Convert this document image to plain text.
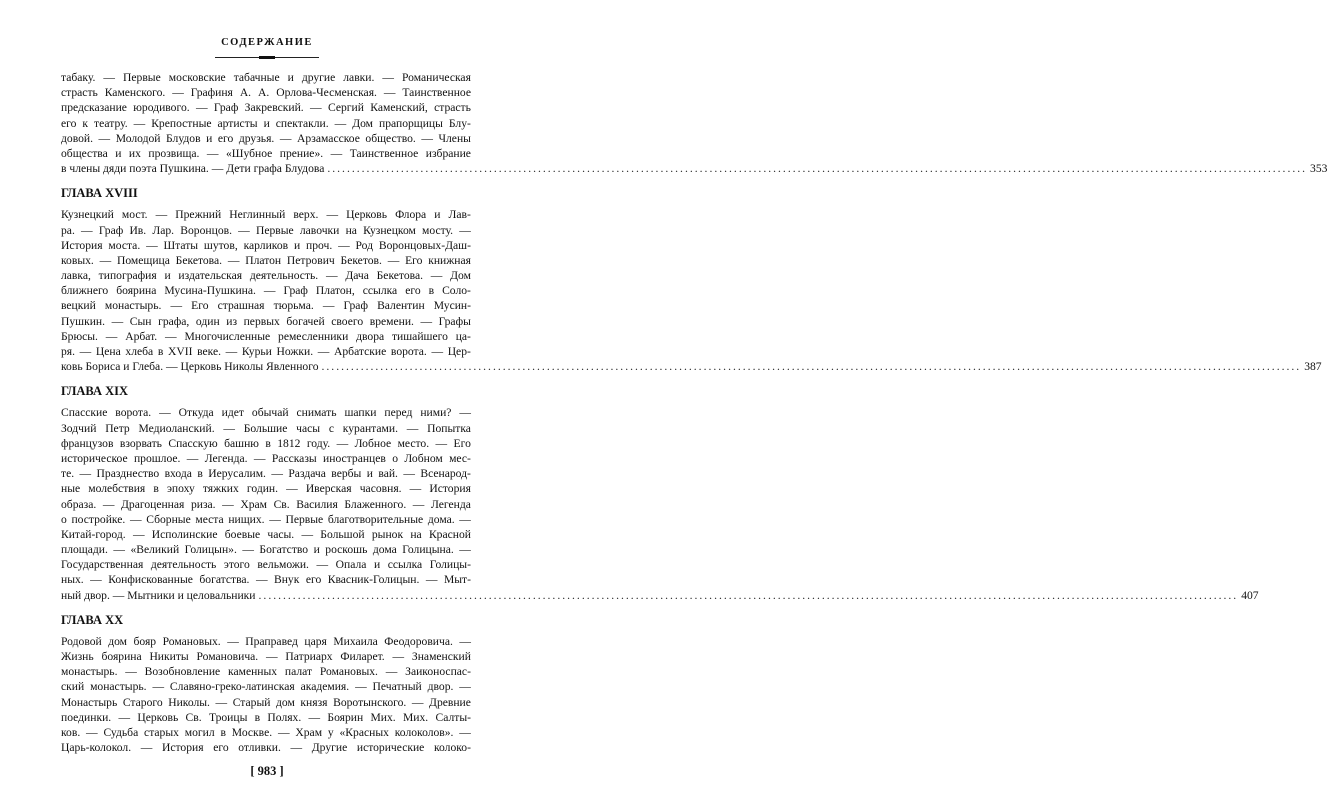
СОДЕРЖАНИЕ
табаку. — Первые московские табачные и другие лавки. — Романическая
страсть Каменского. — Графиня А. А. Орлова-Чесменская. — Таинственное
предсказание юродивого. — Граф Закревский. — Сергий Каменский, страсть
его к театру. — Крепостные артисты и спектакли. — Дом прапорщицы Блу-
довой. — Молодой Блудов и его друзья. — Арзамасское общество. — Члены
общества и их прозвища. — «Шубное прение». — Таинственное избрание
в члены дяди поэта Пушкина. — Дети графа Блудова ........................................................................................................................................................................................................ 353
ГЛАВА XVIII
Кузнецкий мост. — Прежний Неглинный верх. — Церковь Флора и Лав-
ра. — Граф Ив. Лар. Воронцов. — Первые лавочки на Кузнецком мосту. —
История моста. — Штаты шутов, карликов и проч. — Род Воронцовых-Даш-
ковых. — Помещица Бекетова. — Платон Петрович Бекетов. — Его книжная
лавка, типография и издательская деятельность. — Дача Бекетова. — Дом
ближнего боярина Мусина-Пушкина. — Граф Платон, ссылка его в Соло-
вецкий монастырь. — Его страшная тюрьма. — Граф Валентин Мусин-
Пушкин. — Сын графа, один из первых богачей своего времени. — Графы
Брюсы. — Арбат. — Многочисленные ремесленники двора тишайшего ца-
ря. — Цена хлеба в XVII веке. — Курьи Ножки. — Арбатские ворота. — Цер-
ковь Бориса и Глеба. — Церковь Николы Явленного ........................................................................................................................................................................................................ 387
ГЛАВА XIX
Спасские ворота. — Откуда идет обычай снимать шапки перед ними? —
Зодчий Петр Медиоланский. — Большие часы с курантами. — Попытка
французов взорвать Спасскую башню в 1812 году. — Лобное место. — Его
историческое прошлое. — Легенда. — Рассказы иностранцев о Лобном мес-
те. — Празднество входа в Иерусалим. — Раздача вербы и вай. — Всенарод-
ные молебствия в эпоху тяжких годин. — Иверская часовня. — История
образа. — Драгоценная риза. — Храм Св. Василия Блаженного. — Легенда
о постройке. — Сборные места нищих. — Первые благотворительные дома. —
Китай-город. — Исполинские боевые часы. — Большой рынок на Красной
площади. — «Великий Голицын». — Богатство и роскошь дома Голицына. —
Государственная деятельность этого вельможи. — Опала и ссылка Голицы-
ных. — Конфискованные богатства. — Внук его Квасник-Голицын. — Мыт-
ный двор. — Мытники и целовальники ........................................................................................................................................................................................................ 407
ГЛАВА XX
Родовой дом бояр Романовых. — Праправед царя Михаила Феодоровича. —
Жизнь боярина Никиты Романовича. — Патриарх Филарет. — Знаменский
монастырь. — Возобновление каменных палат Романовых. — Заиконоспас-
ский монастырь. — Славяно-греко-латинская академия. — Печатный двор. —
Монастырь Старого Николы. — Старый дом князя Воротынского. — Древние
поединки. — Церковь Св. Троицы в Полях. — Боярин Мих. Мих. Салты-
ков. — Судьба старых могил в Москве. — Храм у «Красных колоколов». —
Царь-колокол. — История его отливки. — Другие исторические колоко-
[ 983 ]
